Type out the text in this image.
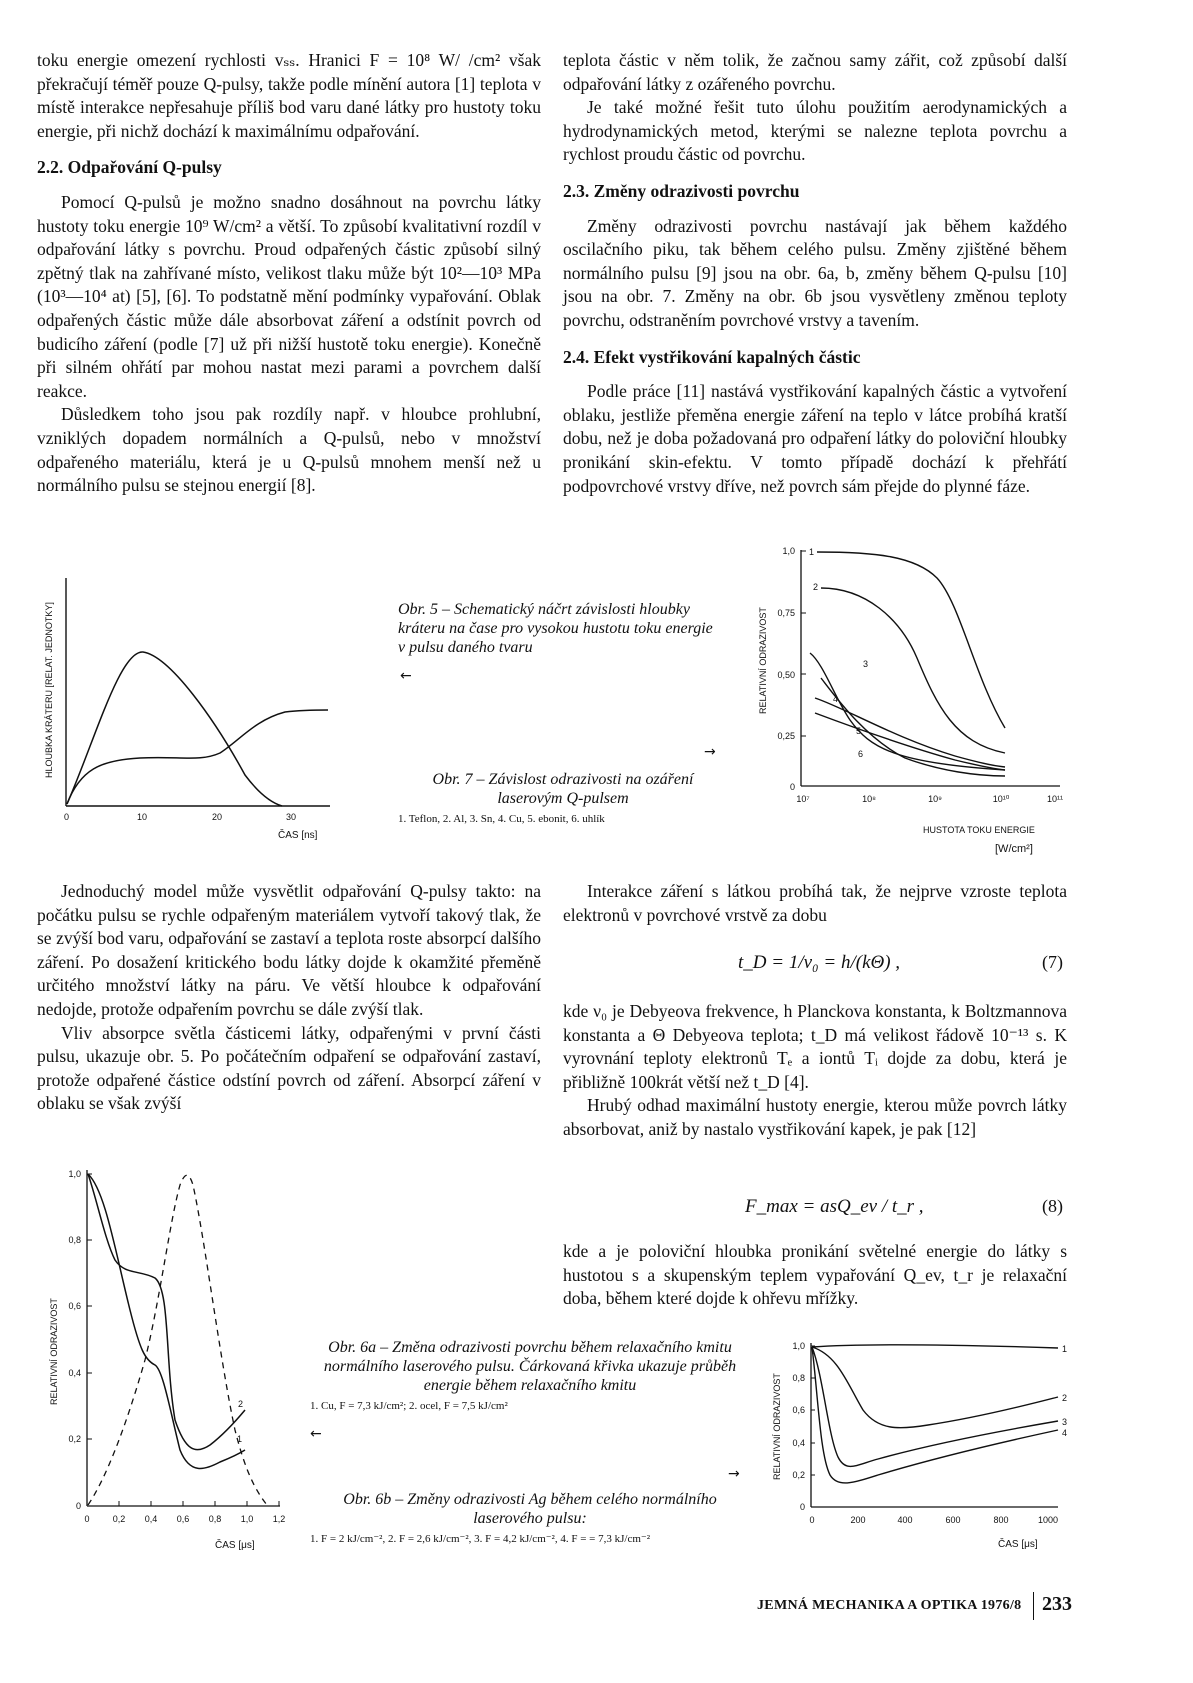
toku energie omezení rychlosti vₛₛ. Hranici F = 10⁸ W/ /cm² však překračují téměř pouze Q-pulsy, takže podle mínění autora [1] teplota v místě interakce nepřesahuje příliš bod varu dané látky pro hustoty toku energie, při nichž dochází k maximálnímu odpařování.

2.2. Odpařování Q-pulsy

Pomocí Q-pulsů je možno snadno dosáhnout na povrchu látky hustoty toku energie 10⁹ W/cm² a větší. To způsobí kvalitativní rozdíl v odpařování látky s povrchu. Proud odpařených částic způsobí silný zpětný tlak na zahřívané místo, velikost tlaku může být 10²—10³ MPa (10³—10⁴ at) [5], [6]. To podstatně mění podmínky vypařování. Oblak odpařených částic může dále absorbovat záření a odstínit povrch od budicího záření (podle [7] už při nižší hustotě toku energie). Konečně při silném ohřátí par mohou nastat mezi parami a povrchem další reakce.

Důsledkem toho jsou pak rozdíly např. v hloubce prohlubní, vzniklých dopadem normálních a Q-pulsů, nebo v množství odpařeného materiálu, která je u Q-pulsů mnohem menší než u normálního pulsu se stejnou energií [8].

teplota částic v něm tolik, že začnou samy zářit, což způsobí další odpařování látky z ozářeného povrchu.

Je také možné řešit tuto úlohu použitím aerodynamických a hydrodynamických metod, kterými se nalezne teplota povrchu a rychlost proudu částic od povrchu.

2.3. Změny odrazivosti povrchu

Změny odrazivosti povrchu nastávají jak během každého oscilačního piku, tak během celého pulsu. Změny zjištěné během normálního pulsu [9] jsou na obr. 6a, b, změny během Q-pulsu [10] jsou na obr. 7. Změny na obr. 6b jsou vysvětleny změnou teploty povrchu, odstraněním povrchové vrstvy a tavením.

2.4. Efekt vystřikování kapalných částic

Podle práce [11] nastává vystřikování kapalných částic a vytvoření oblaku, jestliže přeměna energie záření na teplo v látce probíhá kratší dobu, než je doba požadovaná pro odpaření látky do poloviční hloubky pronikání skin-efektu. V tomto případě dochází k přehřátí podpovrchové vrstvy dříve, než povrch sám přejde do plynné fáze.

HLOUBKA KRÁTERU [RELAT. JEDNOTKY]
0	10	20	30
ČAS [ns]
Obr. 5 – Schematický náčrt závislosti hloubky kráteru na čase pro vysokou hustotu toku energie v pulsu daného tvaru
←
→
Obr. 7 – Závislost odrazivosti na ozáření laserovým Q-pulsem
1. Teflon, 2. Al, 3. Sn, 4. Cu, 5. ebonit, 6. uhlík
RELATIVNÍ ODRAZIVOST
0
0,25
0,50
0,75
1,0
10⁷	10⁸	10⁹	10¹⁰	10¹¹
HUSTOTA TOKU ENERGIE
[W/cm²]
1
2
3
4
5
6

Jednoduchý model může vysvětlit odpařování Q-pulsy takto: na počátku pulsu se rychle odpařeným materiálem vytvoří takový tlak, že se zvýší bod varu, odpařování se zastaví a teplota roste absorpcí dalšího záření. Po dosažení kritického bodu látky dojde k okamžité přeměně určitého množství látky na páru. Ve větší hloubce k odpařování nedojde, protože odpařením povrchu se dále zvýší tlak.

Vliv absorpce světla částicemi látky, odpařenými v první části pulsu, ukazuje obr. 5. Po počátečním odpaření se odpařování zastaví, protože odpařené částice odstíní povrch od záření. Absorpcí záření v oblaku se však zvýší

Interakce záření s látkou probíhá tak, že nejprve vzroste teplota elektronů v povrchové vrstvě za dobu

t_D = 1/ν₀ = h/(kΘ) ,	(7)

kde ν₀ je Debyeova frekvence, h Planckova konstanta, k Boltzmannova konstanta a Θ Debyeova teplota; t_D má velikost řádově 10⁻¹³ s. K vyrovnání teploty elektronů Tₑ a iontů Tᵢ dojde za dobu, která je přibližně 100krát větší než t_D [4].

Hrubý odhad maximální hustoty energie, kterou může povrch látky absorbovat, aniž by nastalo vystřikování kapek, je pak [12]

F_max = asQ_ev / t_r ,	(8)

kde a je poloviční hloubka pronikání světelné energie do látky s hustotou s a skupenským teplem vypařování Q_ev, t_r je relaxační doba, během které dojde k ohřevu mřížky.

RELATIVNÍ ODRAZIVOST
0
0,2
0,4
0,6
0,8
1,0
0	0,2 0,4 0,6 0,8 1,0 1,2
ČAS [μs]
1
2
Obr. 6a – Změna odrazivosti povrchu během relaxačního kmitu normálního laserového pulsu. Čárkovaná křivka ukazuje průběh energie během relaxačního kmitu
1. Cu, F = 7,3 kJ/cm²; 2. ocel, F = 7,5 kJ/cm²
←
→
Obr. 6b – Změny odrazivosti Ag během celého normálního laserového pulsu:
1. F = 2 kJ/cm⁻², 2. F = 2,6 kJ/cm⁻², 3. F = 4,2 kJ/cm⁻², 4. F = = 7,3 kJ/cm⁻²
RELATIVNÍ ODRAZIVOST
0
0,2
0,4
0,6
0,8
1,0
0	200	400	600	800	1000
ČAS [μs]
1
2
3
4
JEMNÁ MECHANIKA A OPTIKA 1976/8 233
